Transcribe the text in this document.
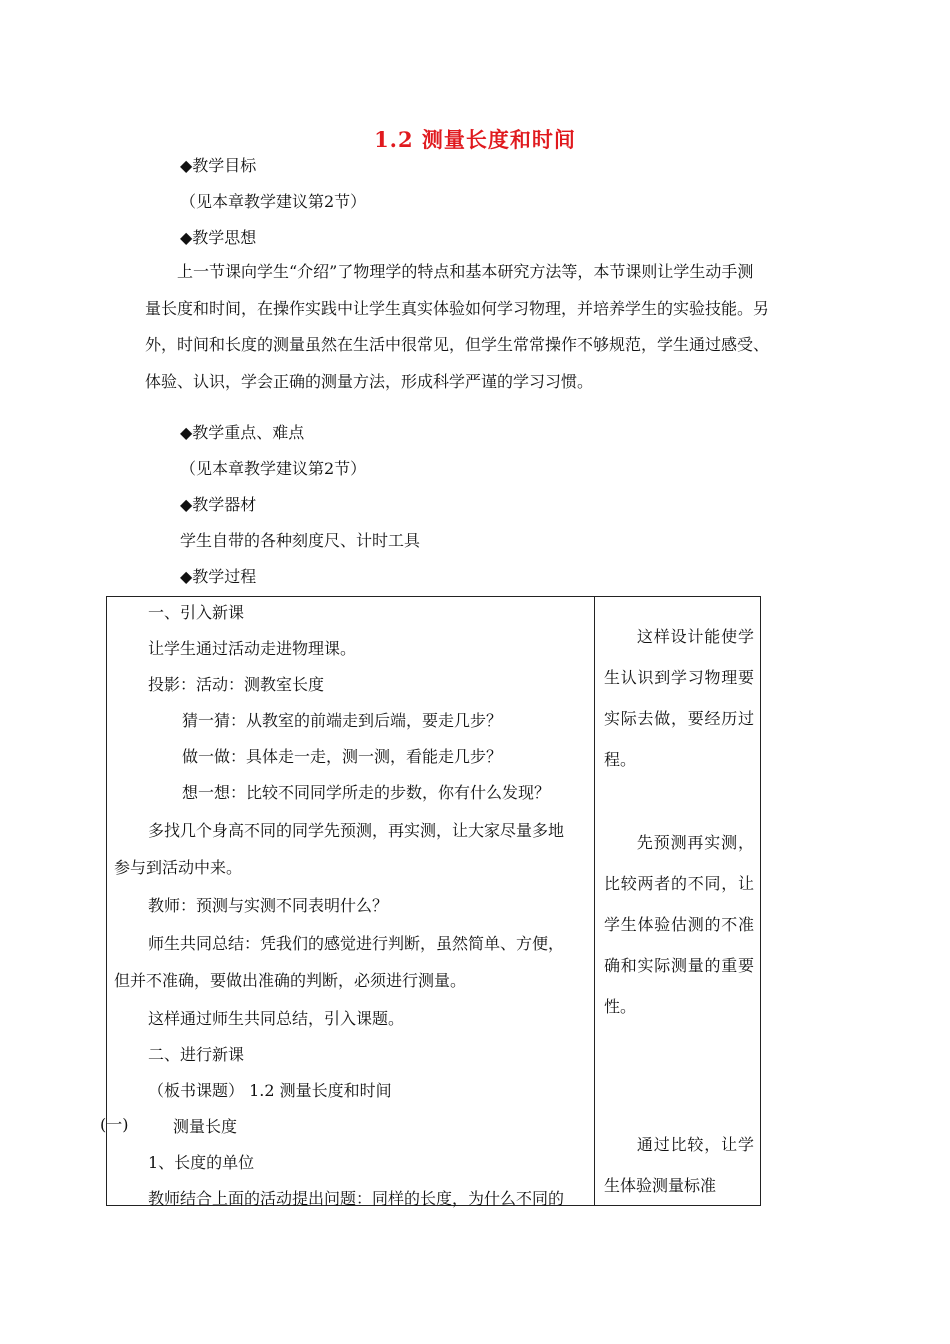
1.2 测量长度和时间
◆教学目标
（见本章教学建议第2节）
◆教学思想
上一节课向学生“介绍”了物理学的特点和基本研究方法等，本节课则让学生动手测
量长度和时间，在操作实践中让学生真实体验如何学习物理，并培养学生的实验技能。另
外，时间和长度的测量虽然在生活中很常见，但学生常常操作不够规范，学生通过感受、
体验、认识，学会正确的测量方法，形成科学严谨的学习习惯。
◆教学重点、难点
（见本章教学建议第2节）
◆教学器材
学生自带的各种刻度尺、计时工具
◆教学过程
一、引入新课
让学生通过活动走进物理课。
投影：活动：测教室长度
猜一猜：从教室的前端走到后端，要走几步？
做一做：具体走一走，测一测，看能走几步？
想一想：比较不同同学所走的步数，你有什么发现？
多找几个身高不同的同学先预测，再实测，让大家尽量多地
参与到活动中来。
教师：预测与实测不同表明什么？
师生共同总结：凭我们的感觉进行判断，虽然简单、方便，
但并不准确，要做出准确的判断，必须进行测量。
这样通过师生共同总结，引入课题。
二、进行新课
（板书课题） 1.2 测量长度和时间
(一)	测量长度
1、长度的单位
教师结合上面的活动提出问题：同样的长度，为什么不同的
这样设计能使学生认识到学习物理要实际去做，要经历过程。
先预测再实测，比较两者的不同，让学生体验估测的不准确和实际测量的重要性。
通过比较，让学生体验测量标准
